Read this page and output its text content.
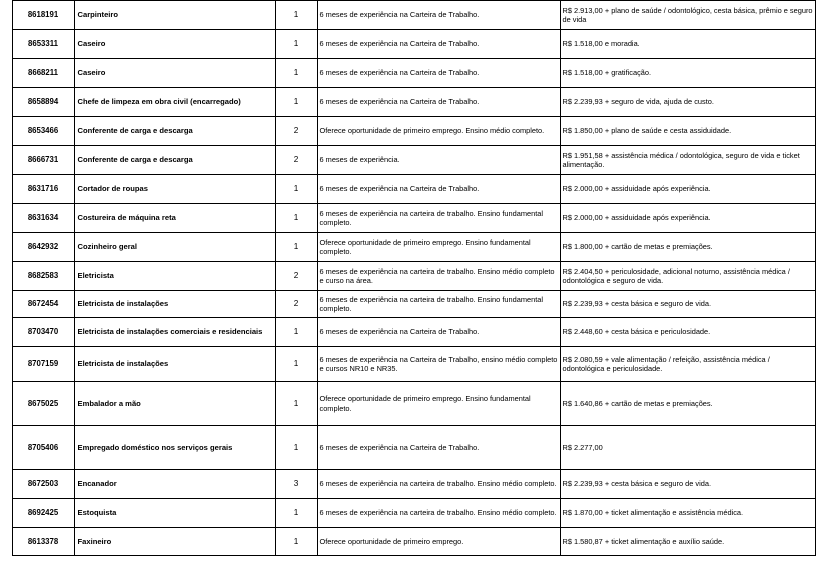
	8618191	Carpinteiro	1	6 meses de experiência na Carteira de Trabalho.	R$ 2.913,00 + plano de saúde / odontológico, cesta básica, prêmio e seguro de vida
	8653311	Caseiro	1	6 meses de experiência na Carteira de Trabalho.	R$ 1.518,00 e moradia.
	8668211	Caseiro	1	6 meses de experiência na Carteira de Trabalho.	R$ 1.518,00 + gratificação.
	8658894	Chefe de limpeza em obra civil (encarregado)	1	6 meses de experiência na Carteira de Trabalho.	R$ 2.239,93 + seguro de vida, ajuda de custo.
	8653466	Conferente de carga e descarga	2	Oferece oportunidade de primeiro emprego. Ensino médio completo.	R$ 1.850,00 + plano de saúde e cesta assiduidade.
	8666731	Conferente de carga e descarga	2	6 meses de experiência.	R$ 1.951,58 + assistência médica / odontológica, seguro de vida e ticket alimentação.
	8631716	Cortador de roupas	1	6 meses de experiência na Carteira de Trabalho.	R$ 2.000,00 + assiduidade após experiência.
	8631634	Costureira de máquina reta	1	6 meses de experiência na carteira de trabalho. Ensino fundamental completo.	R$ 2.000,00 + assiduidade após experiência.
	8642932	Cozinheiro geral	1	Oferece oportunidade de primeiro emprego. Ensino fundamental completo.	R$ 1.800,00 + cartão de metas e premiações.
	8682583	Eletricista	2	6 meses de experiência na carteira de trabalho. Ensino médio completo e curso na área.	R$ 2.404,50 + periculosidade, adicional noturno, assistência médica / odontológica e seguro de vida.
	8672454	Eletricista de instalações	2	6 meses de experiência na carteira de trabalho. Ensino fundamental completo.	R$ 2.239,93 + cesta básica e seguro de vida.
	8703470	Eletricista de instalações comerciais e residenciais	1	6 meses de experiência na Carteira de Trabalho.	R$ 2.448,60 + cesta básica e periculosidade.
	8707159	Eletricista de instalações	1	6 meses de experiência na Carteira de Trabalho, ensino médio completo e cursos NR10 e NR35.	R$ 2.080,59 + vale alimentação / refeição, assistência médica / odontológica e periculosidade.
	8675025	Embalador a mão	1	Oferece oportunidade de primeiro emprego. Ensino fundamental completo.	R$ 1.640,86 + cartão de metas e premiações.
	8705406	Empregado doméstico nos serviços gerais	1	6 meses de experiência na Carteira de Trabalho.	R$ 2.277,00
	8672503	Encanador	3	6 meses de experiência na carteira de trabalho. Ensino médio completo.	R$ 2.239,93 + cesta básica e seguro de vida.
	8692425	Estoquista	1	6 meses de experiência na carteira de trabalho. Ensino médio completo.	R$ 1.870,00 + ticket alimentação e assistência médica.
	8613378	Faxineiro	1	Oferece oportunidade de primeiro emprego.	R$ 1.580,87 + ticket alimentação e auxílio saúde.
